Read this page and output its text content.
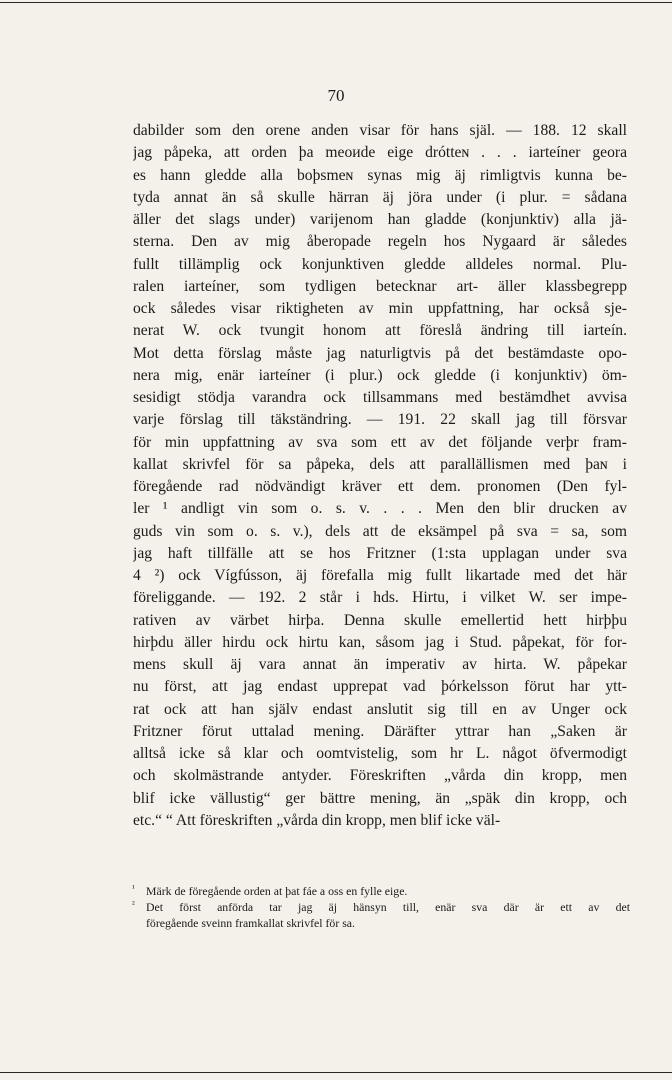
70
dabilder som den orene anden visar för hans själ. — 188. 12 skall
jag påpeka, att orden þa meoᴎde eige drótteɴ . . . iarteíner geora
es hann gledde alla boþsmeɴ synas mig äj rimligtvis kunna be-
tyda annat än så skulle härran äj jöra under (i plur. = sådana
äller det slags under) varijenom han gladde (konjunktiv) alla jä-
sterna. Den av mig åberopade regeln hos Nygaard är således
fullt tillämplig ock konjunktiven gledde alldeles normal. Plu-
ralen iarteíner, som tydligen betecknar art- äller klassbegrepp
ock således visar riktigheten av min uppfattning, har också sje-
nerat W. ock tvungit honom att föreslå ändring till iarteín.
Mot detta förslag måste jag naturligtvis på det bestämdaste opo-
nera mig, enär iarteíner (i plur.) ock gledde (i konjunktiv) öm-
sesidigt stödja varandra ock tillsammans med bestämdhet avvisa
varje förslag till täkständring. — 191. 22 skall jag till försvar
för min uppfattning av sva som ett av det följande verþr fram-
kallat skrivfel för sa påpeka, dels att parallällismen med þaɴ i
föregående rad nödvändigt kräver ett dem. pronomen (Den fyl-
ler ¹ andligt vin som o. s. v. . . . Men den blir drucken av
guds vin som o. s. v.), dels att de eksämpel på sva = sa, som
jag haft tillfälle att se hos Fritzner (1:sta upplagan under sva
4 ²) ock Vígfússon, äj förefalla mig fullt likartade med det här
föreliggande. — 192. 2 står i hds. Hirtu, i vilket W. ser impe-
rativen av värbet hirþa. Denna skulle emellertid hett hirþþu
hirþdu äller hirdu ock hirtu kan, såsom jag i Stud. påpekat, för for-
mens skull äj vara annat än imperativ av hirta. W. påpekar
nu först, att jag endast upprepat vad þórkelsson förut har ytt-
rat ock att han själv endast anslutit sig till en av Unger ock
Fritzner förut uttalad mening. Däräfter yttrar han „Saken är
alltså icke så klar och oomtvistelig, som hr L. något öfvermodigt
och skolmästrande antyder. Föreskriften „vårda din kropp, men
blif icke vällustig“ ger bättre mening, än „späk din kropp, och
etc.“ “ Att föreskriften „vårda din kropp, men blif icke väl-
¹ Märk de föregående orden at þat fáe a oss en fylle eige.
² Det först anförda tar jag äj hänsyn till, enär sva där är ett av det
föregående sveinn framkallat skrivfel för sa.
